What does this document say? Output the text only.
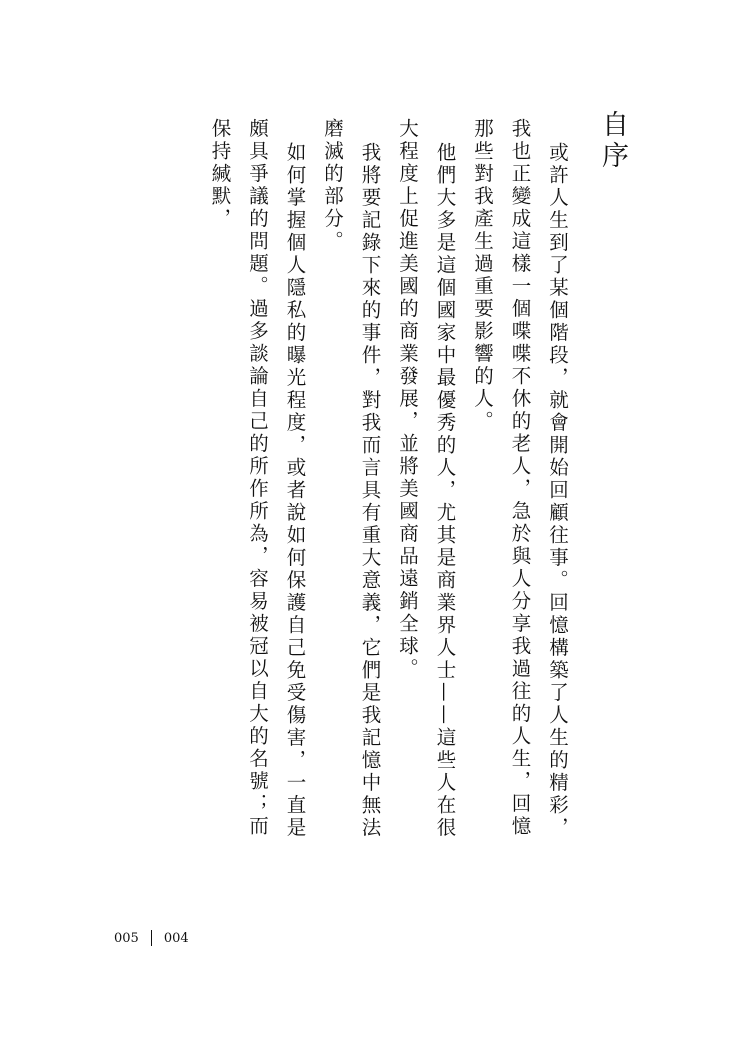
自序

或許人生到了某個階段，就會開始回顧往事。回憶構築了人生的精彩，我也正變成這樣一個喋喋不休的老人，急於與人分享我過往的人生，回憶那些對我產生過重要影響的人。

他們大多是這個國家中最優秀的人，尤其是商業界人士——這些人在很大程度上促進美國的商業發展，並將美國商品遠銷全球。

我將要記錄下來的事件，對我而言具有重大意義，它們是我記憶中無法磨滅的部分。

如何掌握個人隱私的曝光程度，或者說如何保護自己免受傷害，一直是頗具爭議的問題。過多談論自己的所作所為，容易被冠以自大的名號；而保持緘默，

005 004
